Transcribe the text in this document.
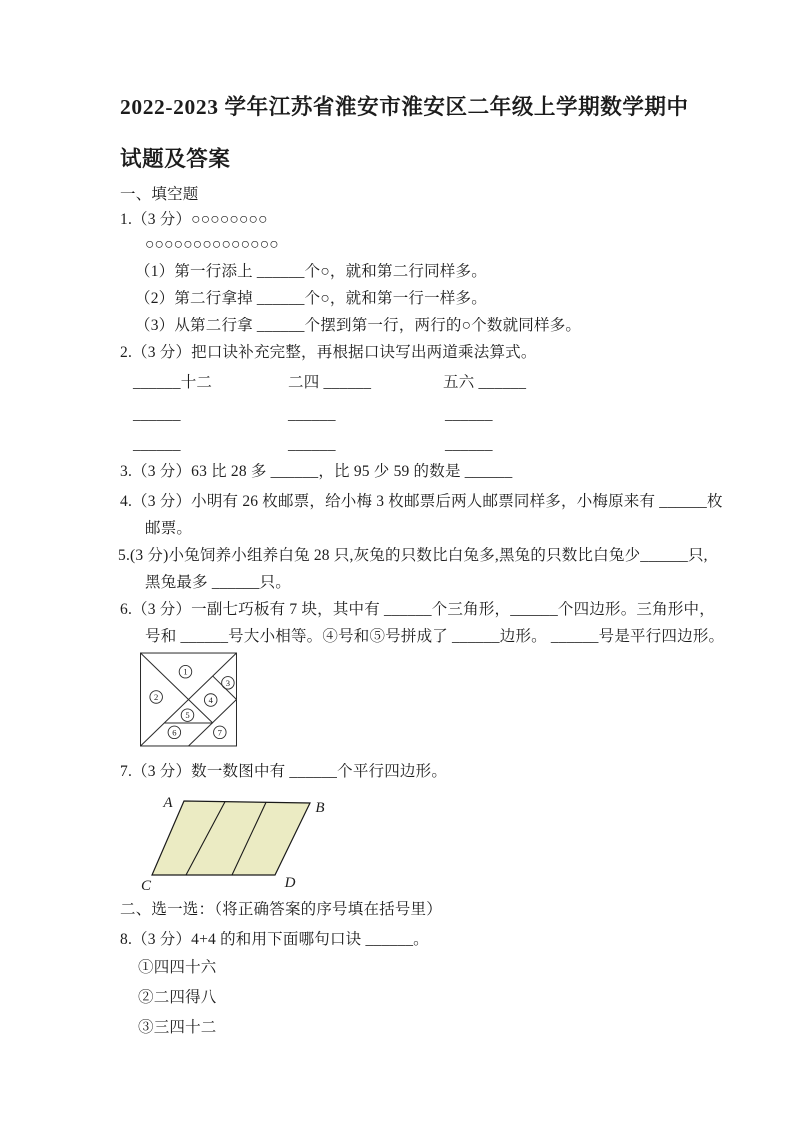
2022-2023 学年江苏省淮安市淮安区二年级上学期数学期中
试题及答案
一、填空题
1.（3 分）○○○○○○○○
○○○○○○○○○○○○○○
（1）第一行添上 ______个○，就和第二行同样多。
（2）第二行拿掉 ______个○，就和第一行一样多。
（3）从第二行拿 ______个摆到第一行，两行的○个数就同样多。
2.（3 分）把口诀补充完整，再根据口诀写出两道乘法算式。
______十二	二四 ______	五六 ______
______	______	______
______	______	______
3.（3 分）63 比 28 多 ______，比 95 少 59 的数是 ______
4.（3 分）小明有 26 枚邮票，给小梅 3 枚邮票后两人邮票同样多，小梅原来有 ______枚
邮票。
5.(3 分)小兔饲养小组养白兔 28 只,灰兔的只数比白兔多,黑兔的只数比白兔少______只,
黑兔最多 ______只。
6.（3 分）一副七巧板有 7 块，其中有 ______个三角形，______个四边形。三角形中，
号和 ______号大小相等。④号和⑤号拼成了 ______边形。 ______号是平行四边形。
1
2
3
4
5
6	7
7.（3 分）数一数图中有 ______个平行四边形。
A	B
C	D
二、选一选：（将正确答案的序号填在括号里）
8.（3 分）4+4 的和用下面哪句口诀 ______。
①四四十六
②二四得八
③三四十二
